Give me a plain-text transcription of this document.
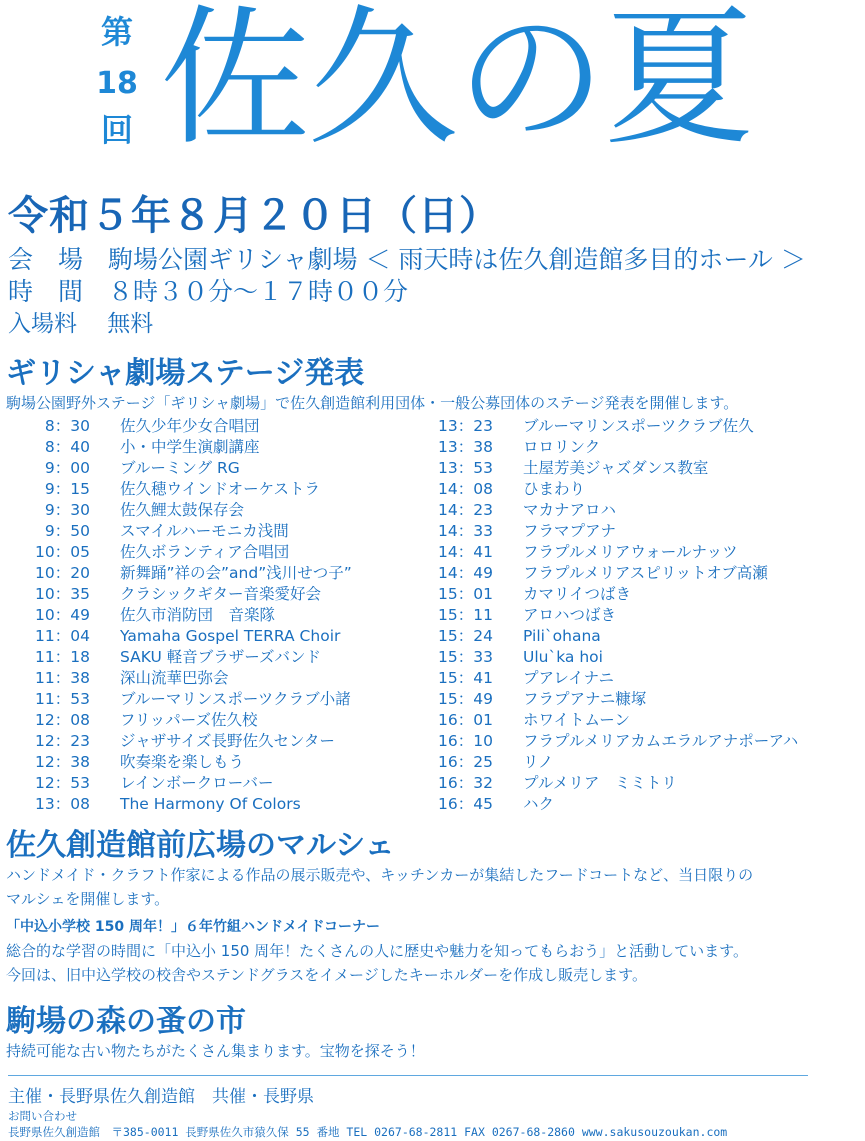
第
18
回 佐久の夏
令和５年８月２０日（日）
会　場　駒場公園ギリシャ劇場 ＜ 雨天時は佐久創造館多目的ホール ＞
時　間　８時３０分～１７時００分
入場料　 無料
ギリシャ劇場ステージ発表
駒場公園野外ステージ「ギリシャ劇場」で佐久創造館利用団体・一般公募団体のステージ発表を開催します。
8：30 佐久少年少女合唱団
8：40 小・中学生演劇講座
9：00 ブルーミング RG
9：15 佐久穂ウインドオーケストラ
9：30 佐久鯉太鼓保存会
9：50 スマイルハーモニカ浅間
10：05 佐久ボランティア合唱団
10：20 新舞踊”祥の会”and”浅川せつ子”
10：35 クラシックギター音楽愛好会
10：49 佐久市消防団　音楽隊
11：04 Yamaha Gospel TERRA Choir
11：18 SAKU 軽音ブラザーズバンド
11：38 深山流華巴弥会
11：53 ブルーマリンスポーツクラブ小諸
12：08 フリッパーズ佐久校
12：23 ジャザサイズ長野佐久センター
12：38 吹奏楽を楽しもう
12：53 レインボークローバー
13：08 The Harmony Of Colors
13：23 ブルーマリンスポーツクラブ佐久
13：38 ロロリンク
13：53 土屋芳美ジャズダンス教室
14：08 ひまわり
14：23 マカナアロハ
14：33 フラマプアナ
14：41 フラプルメリアウォールナッツ
14：49 フラプルメリアスピリットオブ高瀬
15：01 カマリイつばき
15：11 アロハつばき
15：24 Pili`ohana
15：33 Ulu`ka hoi
15：41 プアレイナニ
15：49 フラプアナニ糠塚
16：01 ホワイトムーン
16：10 フラプルメリアカムエラルアナポーアハ
16：25 リノ
16：32 プルメリア　ミミトリ
16：45 ハク
佐久創造館前広場のマルシェ
ハンドメイド・クラフト作家による作品の展示販売や、キッチンカーが集結したフードコートなど、当日限りの
マルシェを開催します。
「中込小学校 150 周年！」６年竹組ハンドメイドコーナー
総合的な学習の時間に「中込小 150 周年！たくさんの人に歴史や魅力を知ってもらおう」と活動しています。
今回は、旧中込学校の校舎やステンドグラスをイメージしたキーホルダーを作成し販売します。
駒場の森の蚤の市
持続可能な古い物たちがたくさん集まります。宝物を探そう！
主催・長野県佐久創造館　共催・長野県
お問い合わせ
長野県佐久創造館　〒385-0011 長野県佐久市猿久保 55 番地 TEL 0267-68-2811 FAX 0267-68-2860 www.sakusouzoukan.com
